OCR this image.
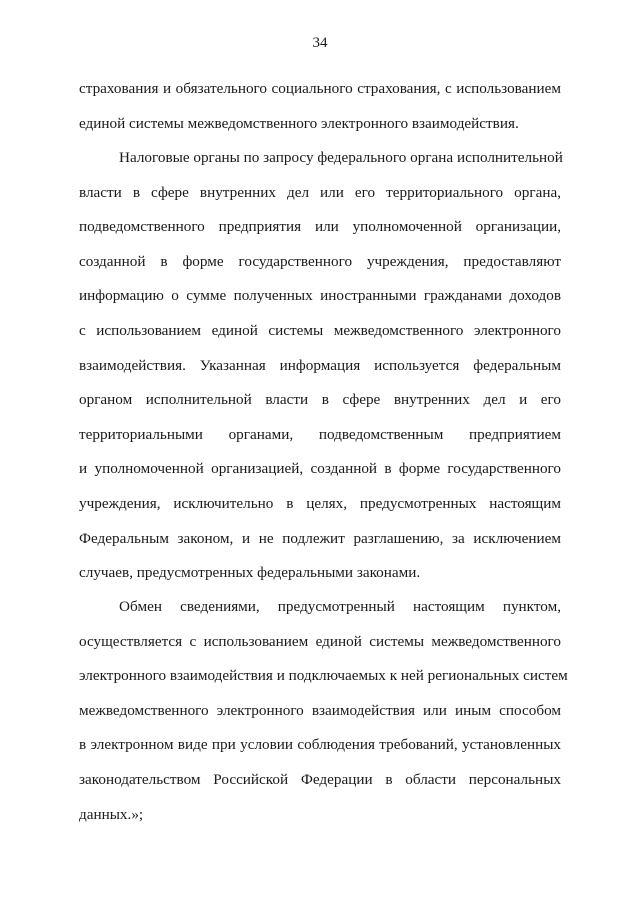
34
страхования и обязательного социального страхования, с использованием
единой системы межведомственного электронного взаимодействия.
Налоговые органы по запросу федерального органа исполнительной
власти в сфере внутренних дел или его территориального органа,
подведомственного предприятия или уполномоченной организации,
созданной в форме государственного учреждения, предоставляют
информацию о сумме полученных иностранными гражданами доходов
с использованием единой системы межведомственного электронного
взаимодействия. Указанная информация используется федеральным
органом исполнительной власти в сфере внутренних дел и его
территориальными органами, подведомственным предприятием
и уполномоченной организацией, созданной в форме государственного
учреждения, исключительно в целях, предусмотренных настоящим
Федеральным законом, и не подлежит разглашению, за исключением
случаев, предусмотренных федеральными законами.
Обмен сведениями, предусмотренный настоящим пунктом,
осуществляется с использованием единой системы межведомственного
электронного взаимодействия и подключаемых к ней региональных систем
межведомственного электронного взаимодействия или иным способом
в электронном виде при условии соблюдения требований, установленных
законодательством Российской Федерации в области персональных
данных.»;
